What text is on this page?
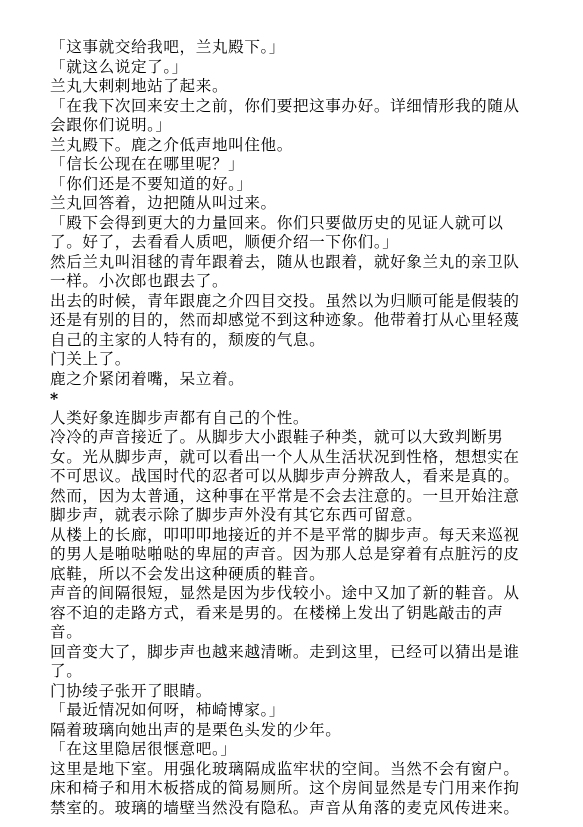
「这事就交给我吧，兰丸殿下。」

「就这么说定了。」

兰丸大剌剌地站了起来。

「在我下次回来安土之前，你们要把这事办好。详细情形我的随从会跟你们说明。」

兰丸殿下。鹿之介低声地叫住他。

「信长公现在在哪里呢？」

「你们还是不要知道的好。」

兰丸回答着，边把随从叫过来。

「殿下会得到更大的力量回来。你们只要做历史的见证人就可以了。好了，去看看人质吧，顺便介绍一下你们。」

然后兰丸叫泪毬的青年跟着去，随从也跟着，就好象兰丸的亲卫队一样。小次郎也跟去了。

出去的时候，青年跟鹿之介四目交投。虽然以为归顺可能是假装的还是有别的目的，然而却感觉不到这种迹象。他带着打从心里轻蔑自己的主家的人特有的，颓废的气息。

门关上了。

鹿之介紧闭着嘴，呆立着。

*

人类好象连脚步声都有自己的个性。

冷冷的声音接近了。从脚步大小跟鞋子种类，就可以大致判断男女。光从脚步声，就可以看出一个人从生活状况到性格，想想实在不可思议。战国时代的忍者可以从脚步声分辨敌人，看来是真的。然而，因为太普通，这种事在平常是不会去注意的。一旦开始注意脚步声，就表示除了脚步声外没有其它东西可留意。

从楼上的长廊，叩叩叩地接近的并不是平常的脚步声。每天来巡视的男人是啪哒啪哒的卑屈的声音。因为那人总是穿着有点脏污的皮底鞋，所以不会发出这种硬质的鞋音。

声音的间隔很短，显然是因为步伐较小。途中又加了新的鞋音。从容不迫的走路方式，看来是男的。在楼梯上发出了钥匙敲击的声音。

回音变大了，脚步声也越来越清晰。走到这里，已经可以猜出是谁了。

门协绫子张开了眼睛。

「最近情况如何呀，柿崎博家。」

隔着玻璃向她出声的是栗色头发的少年。

「在这里隐居很惬意吧。」

这里是地下室。用强化玻璃隔成监牢状的空间。当然不会有窗户。床和椅子和用木板搭成的简易厕所。这个房间显然是专门用来作拘禁室的。玻璃的墙壁当然没有隐私。声音从角落的麦克风传进来。
